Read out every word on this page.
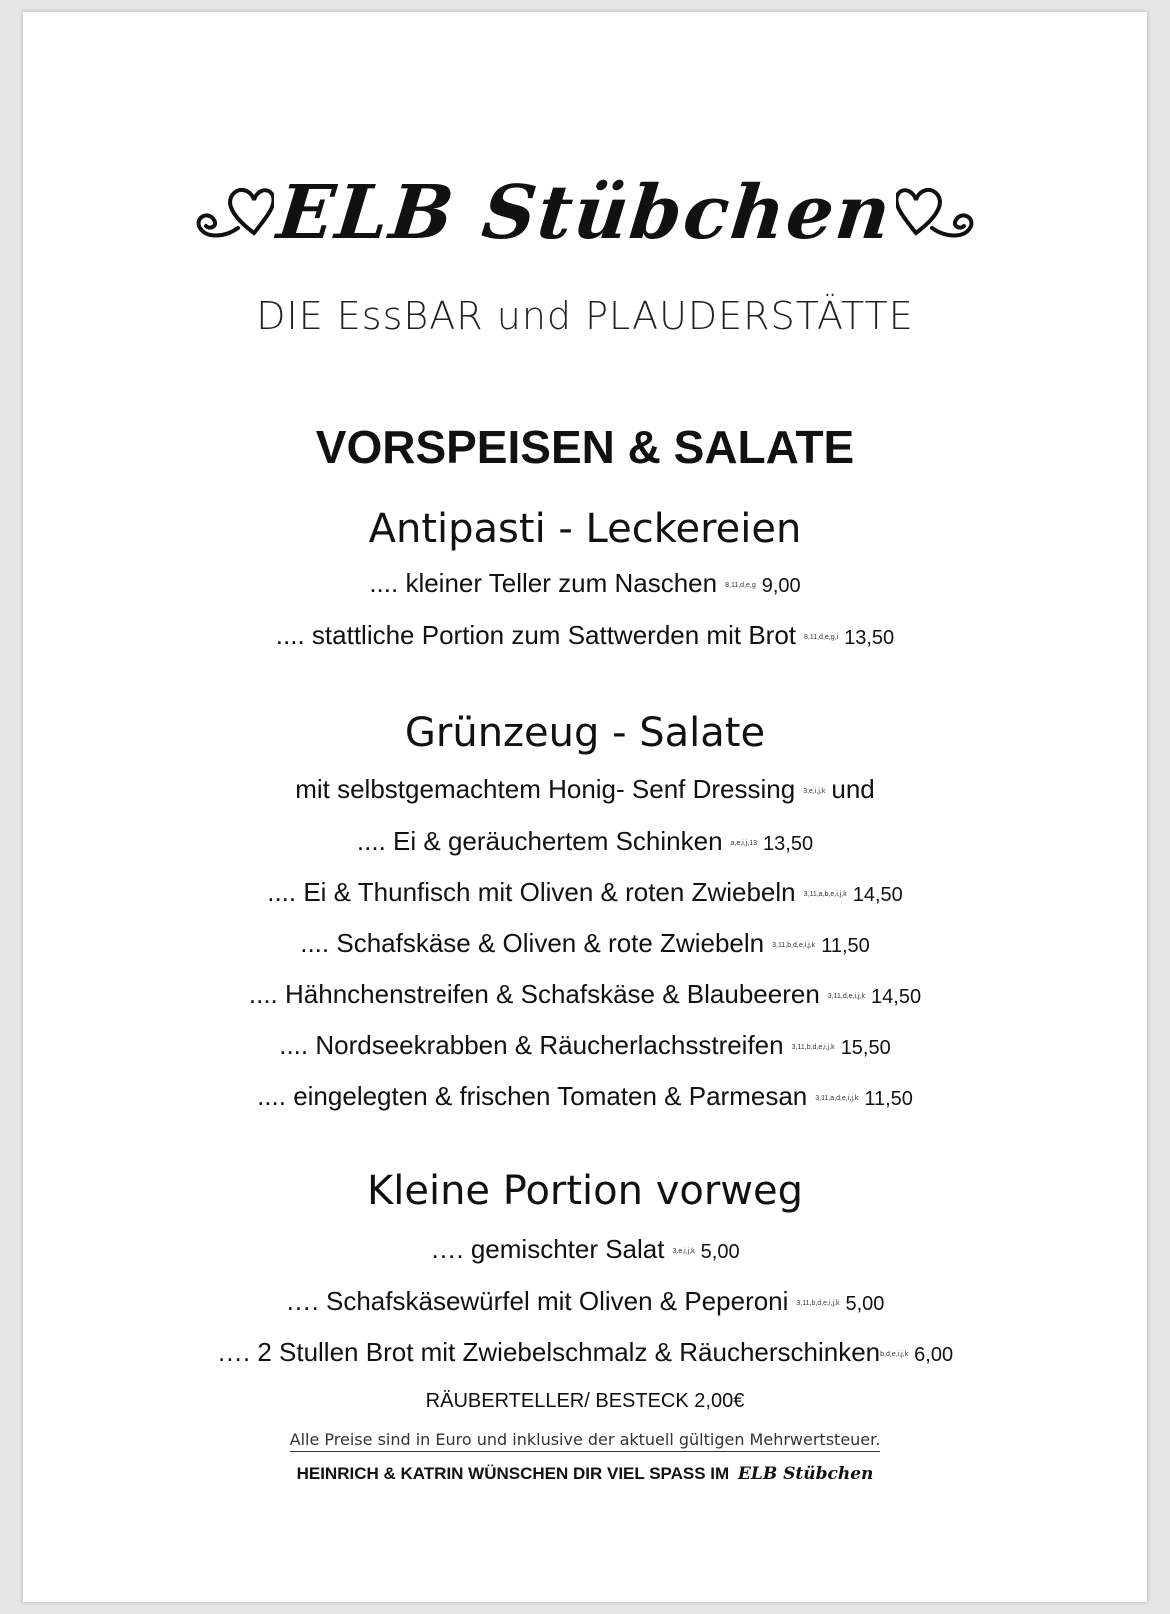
ELB Stübchen
DIE EssBAR und PLAUDERSTÄTTE
VORSPEISEN & SALATE
Antipasti - Leckereien
.... kleiner Teller zum Naschen 8,11,d,e,g 9,00
.... stattliche Portion zum Sattwerden mit Brot 8,11,d,e,g,i 13,50
Grünzeug - Salate
mit selbstgemachtem Honig- Senf Dressing 3,e,i,j,k und
.... Ei & geräuchertem Schinken a,e,i,j,13 13,50
.... Ei & Thunfisch mit Oliven & roten Zwiebeln 3,11,a,b,e,i,j,k 14,50
.... Schafskäse & Oliven & rote Zwiebeln 3,11,b,d,e,i,j,k 11,50
.... Hähnchenstreifen & Schafskäse & Blaubeeren 3,11,d,e,i,j,k 14,50
.... Nordseekrabben & Räucherlachsstreifen 3,11,b,d,e,i,j,k 15,50
.... eingelegten & frischen Tomaten & Parmesan 3,11,a,d,e,i,j,k 11,50
Kleine Portion vorweg
…. gemischter Salat 3,e,i,j,k 5,00
…. Schafskäsewürfel mit Oliven & Peperoni 3,11,b,d,e,i,j,k 5,00
…. 2 Stullen Brot mit Zwiebelschmalz & Räucherschinkenb,d,e,i,j,k 6,00
RÄUBERTELLER/ BESTECK 2,00€
Alle Preise sind in Euro und inklusive der aktuell gültigen Mehrwertsteuer.
HEINRICH & KATRIN WÜNSCHEN DIR VIEL SPASS IM ELB Stübchen
